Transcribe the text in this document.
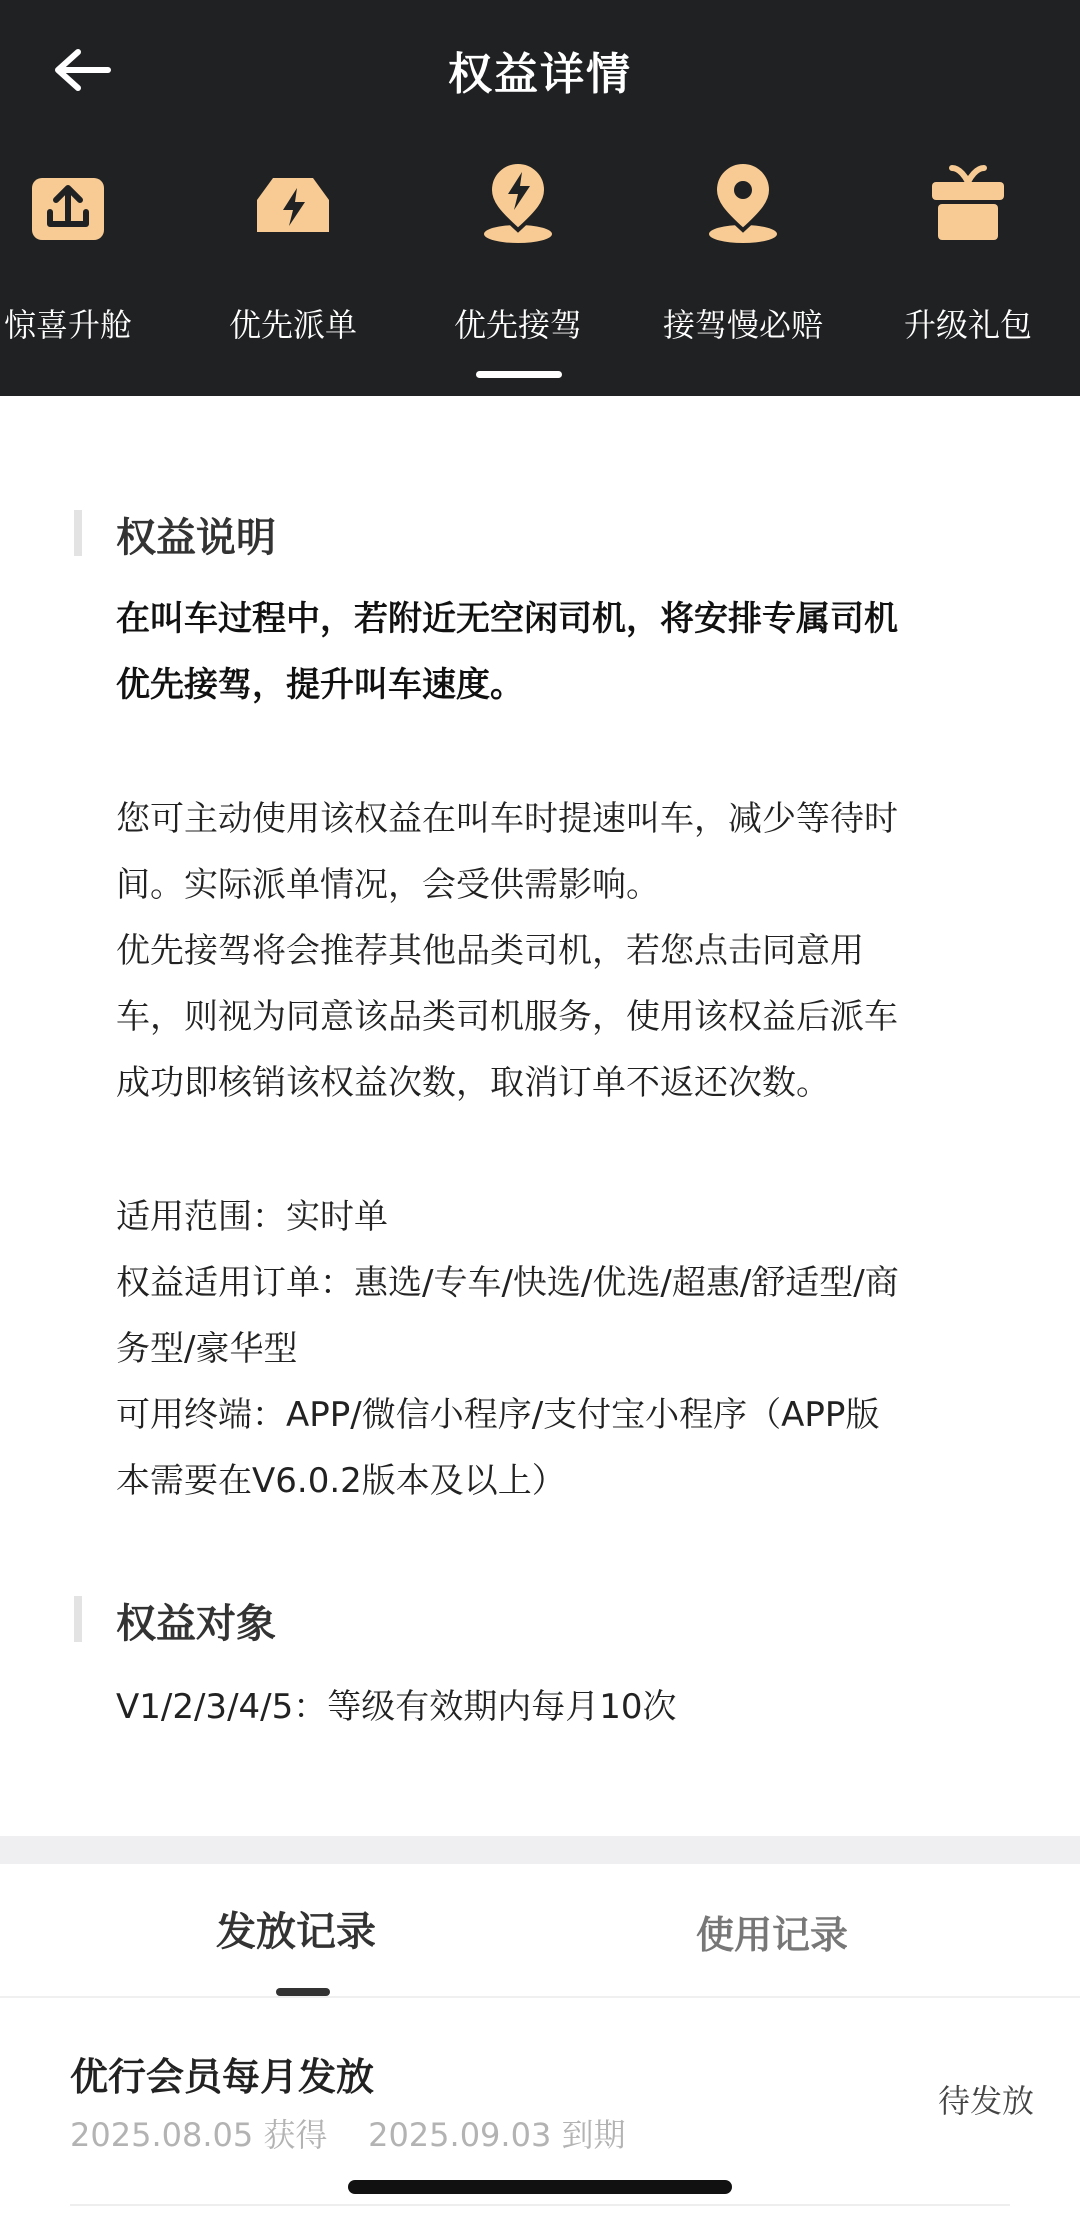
权益详情
惊喜升舱	优先派单	优先接驾	接驾慢必赔	升级礼包
权益说明
在叫车过程中，若附近无空闲司机，将安排专属司机
优先接驾，提升叫车速度。
您可主动使用该权益在叫车时提速叫车，减少等待时
间。实际派单情况，会受供需影响。
优先接驾将会推荐其他品类司机，若您点击同意用
车，则视为同意该品类司机服务，使用该权益后派车
成功即核销该权益次数，取消订单不返还次数。
适用范围：实时单
权益适用订单：惠选/专车/快选/优选/超惠/舒适型/商
务型/豪华型
可用终端：APP/微信小程序/支付宝小程序（APP版
本需要在V6.0.2版本及以上）
权益对象
V1/2/3/4/5：等级有效期内每月10次
发放记录	使用记录
优行会员每月发放
2025.08.05 获得    2025.09.03 到期
待发放
